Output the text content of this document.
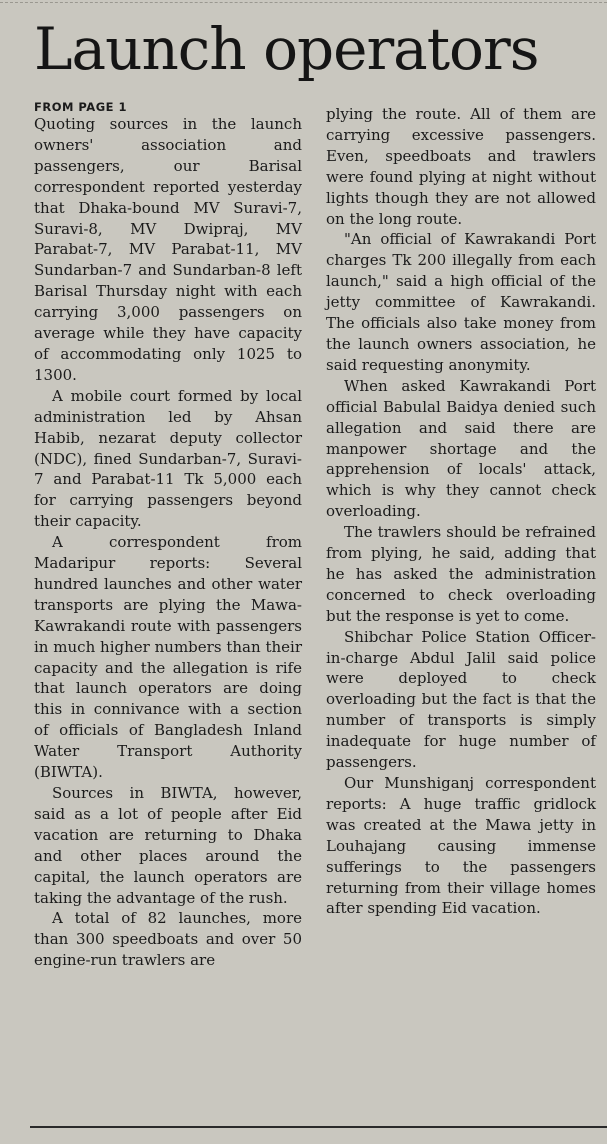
Launch operators

FROM PAGE 1

Quoting sources in the launch owners' association and passengers, our Barisal correspondent reported yesterday that Dhaka-bound MV Suravi-7, Suravi-8, MV Dwipraj, MV Parabat-7, MV Parabat-11, MV Sundarban-7 and Sundarban-8 left Barisal Thursday night with each carrying 3,000 passengers on average while they have capacity of accommodating only 1025 to 1300.

A mobile court formed by local administration led by Ahsan Habib, nezarat deputy collector (NDC), fined Sundarban-7, Suravi-7 and Parabat-11 Tk 5,000 each for carrying passengers beyond their capacity.

A correspondent from Madaripur reports: Several hundred launches and other water transports are plying the Mawa-Kawrakandi route with passengers in much higher numbers than their capacity and the allegation is rife that launch operators are doing this in connivance with a section of officials of Bangladesh Inland Water Transport Authority (BIWTA).

Sources in BIWTA, however, said as a lot of people after Eid vacation are returning to Dhaka and other places around the capital, the launch operators are taking the advantage of the rush.

A total of 82 launches, more than 300 speedboats and over 50 engine-run trawlers are

plying the route. All of them are carrying excessive passengers. Even, speedboats and trawlers were found plying at night without lights though they are not allowed on the long route.

"An official of Kawrakandi Port charges Tk 200 illegally from each launch," said a high official of the jetty committee of Kawrakandi. The officials also take money from the launch owners association, he said requesting anonymity.

When asked Kawrakandi Port official Babulal Baidya denied such allegation and said there are manpower shortage and the apprehension of locals' attack, which is why they cannot check overloading.

The trawlers should be refrained from plying, he said, adding that he has asked the administration concerned to check overloading but the response is yet to come.

Shibchar Police Station Officer-in-charge Abdul Jalil said police were deployed to check overloading but the fact is that the number of transports is simply inadequate for huge number of passengers.

Our Munshiganj correspondent reports: A huge traffic gridlock was created at the Mawa jetty in Louhajang causing immense sufferings to the passengers returning from their village homes after spending Eid vacation.
